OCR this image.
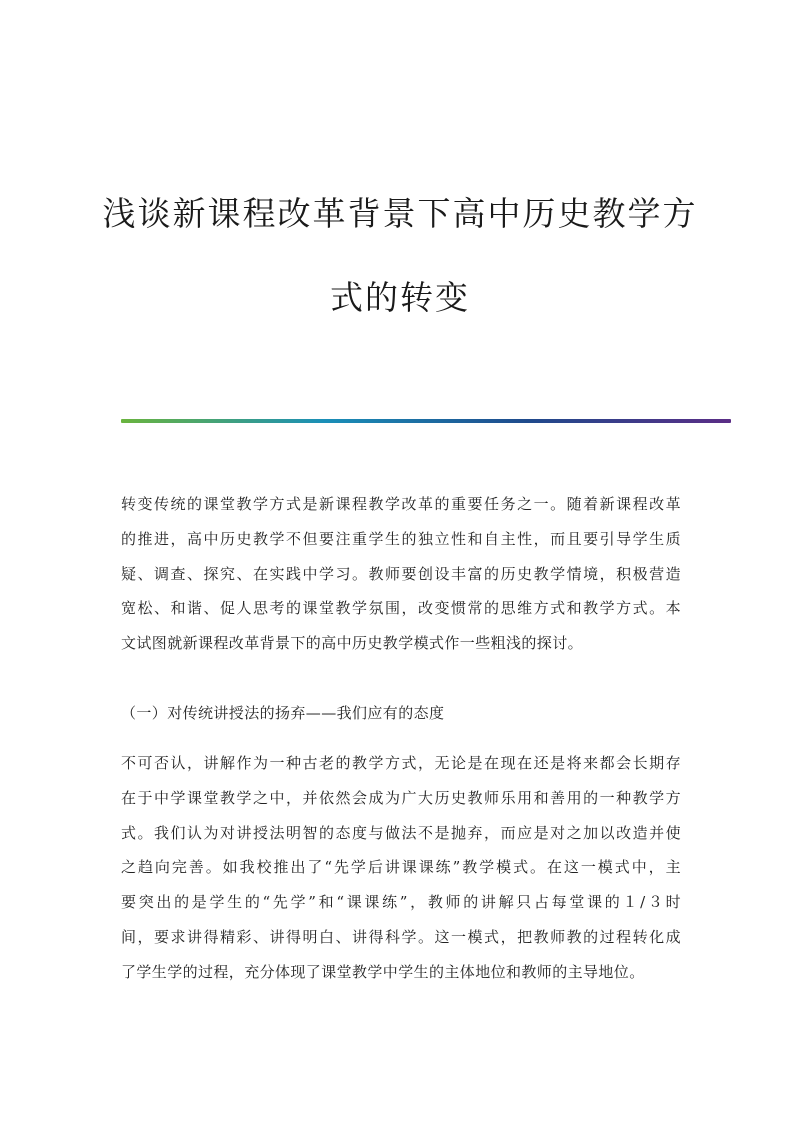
浅谈新课程改革背景下高中历史教学方
式的转变
转变传统的课堂教学方式是新课程教学改革的重要任务之一。随着新课程改革
的推进，高中历史教学不但要注重学生的独立性和自主性，而且要引导学生质
疑、调查、探究、在实践中学习。教师要创设丰富的历史教学情境，积极营造
宽松、和谐、促人思考的课堂教学氛围，改变惯常的思维方式和教学方式。本
文试图就新课程改革背景下的高中历史教学模式作一些粗浅的探讨。
（一）对传统讲授法的扬弃——我们应有的态度
不可否认，讲解作为一种古老的教学方式，无论是在现在还是将来都会长期存
在于中学课堂教学之中，并依然会成为广大历史教师乐用和善用的一种教学方
式。我们认为对讲授法明智的态度与做法不是抛弃，而应是对之加以改造并使
之趋向完善。如我校推出了“先学后讲课课练”教学模式。在这一模式中，主
要突出的是学生的“先学”和“课课练”，教师的讲解只占每堂课的１/３时
间，要求讲得精彩、讲得明白、讲得科学。这一模式，把教师教的过程转化成
了学生学的过程，充分体现了课堂教学中学生的主体地位和教师的主导地位。
